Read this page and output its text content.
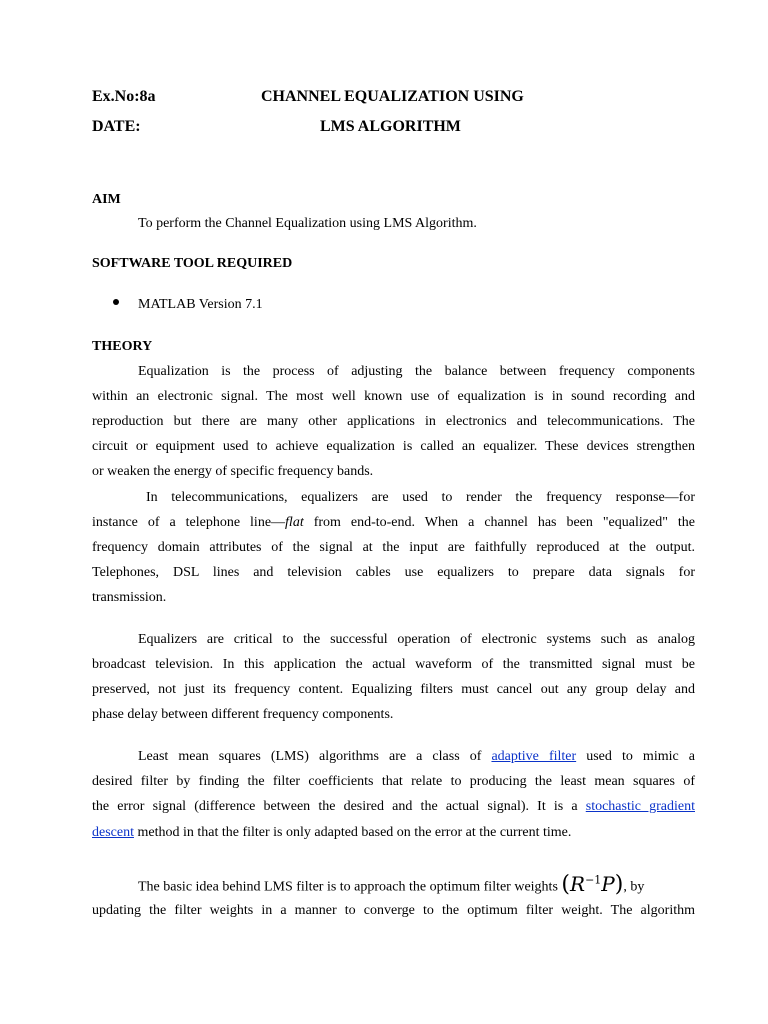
Ex.No:8a	CHANNEL EQUALIZATION USING
DATE:	LMS ALGORITHM
AIM
To perform the Channel Equalization using LMS Algorithm.
SOFTWARE TOOL REQUIRED
MATLAB Version 7.1
THEORY
Equalization is the process of adjusting the balance between frequency components
within an electronic signal. The most well known use of equalization is in sound recording and
reproduction but there are many other applications in electronics and telecommunications. The
circuit or equipment used to achieve equalization is called an equalizer. These devices strengthen
or weaken the energy of specific frequency bands.
In telecommunications, equalizers are used to render the frequency response—for
instance of a telephone line—flat from end-to-end. When a channel has been "equalized" the
frequency domain attributes of the signal at the input are faithfully reproduced at the output.
Telephones, DSL lines and television cables use equalizers to prepare data signals for
transmission.
Equalizers are critical to the successful operation of electronic systems such as analog
broadcast television. In this application the actual waveform of the transmitted signal must be
preserved, not just its frequency content. Equalizing filters must cancel out any group delay and
phase delay between different frequency components.
Least mean squares (LMS) algorithms are a class of adaptive filter used to mimic a
desired filter by finding the filter coefficients that relate to producing the least mean squares of
the error signal (difference between the desired and the actual signal). It is a stochastic gradient
descent method in that the filter is only adapted based on the error at the current time.
The basic idea behind LMS filter is to approach the optimum filter weights $(R^{-1}P)$, by
updating the filter weights in a manner to converge to the optimum filter weight. The algorithm
